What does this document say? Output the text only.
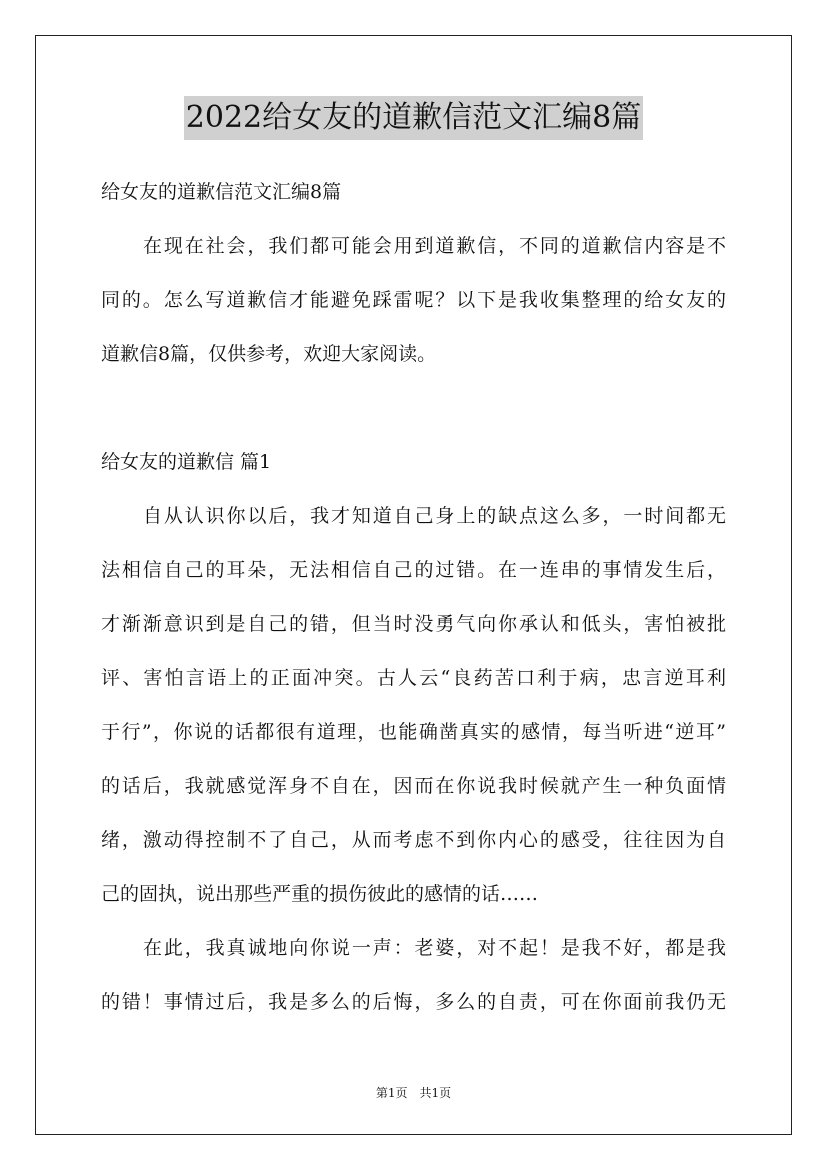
2022给女友的道歉信范文汇编8篇
给女友的道歉信范文汇编8篇
在现在社会，我们都可能会用到道歉信，不同的道歉信内容是不
同的。怎么写道歉信才能避免踩雷呢？以下是我收集整理的给女友的
道歉信8篇，仅供参考，欢迎大家阅读。
给女友的道歉信 篇1
自从认识你以后，我才知道自己身上的缺点这么多，一时间都无
法相信自己的耳朵，无法相信自己的过错。在一连串的事情发生后，
才渐渐意识到是自己的错，但当时没勇气向你承认和低头，害怕被批
评、害怕言语上的正面冲突。古人云“良药苦口利于病，忠言逆耳利
于行”，你说的话都很有道理，也能确凿真实的感情，每当听进“逆耳”
的话后，我就感觉浑身不自在，因而在你说我时候就产生一种负面情
绪，激动得控制不了自己，从而考虑不到你内心的感受，往往因为自
己的固执，说出那些严重的损伤彼此的感情的话……
在此，我真诚地向你说一声：老婆，对不起！是我不好，都是我
的错！事情过后，我是多么的后悔，多么的自责，可在你面前我仍无
第1页 共1页
